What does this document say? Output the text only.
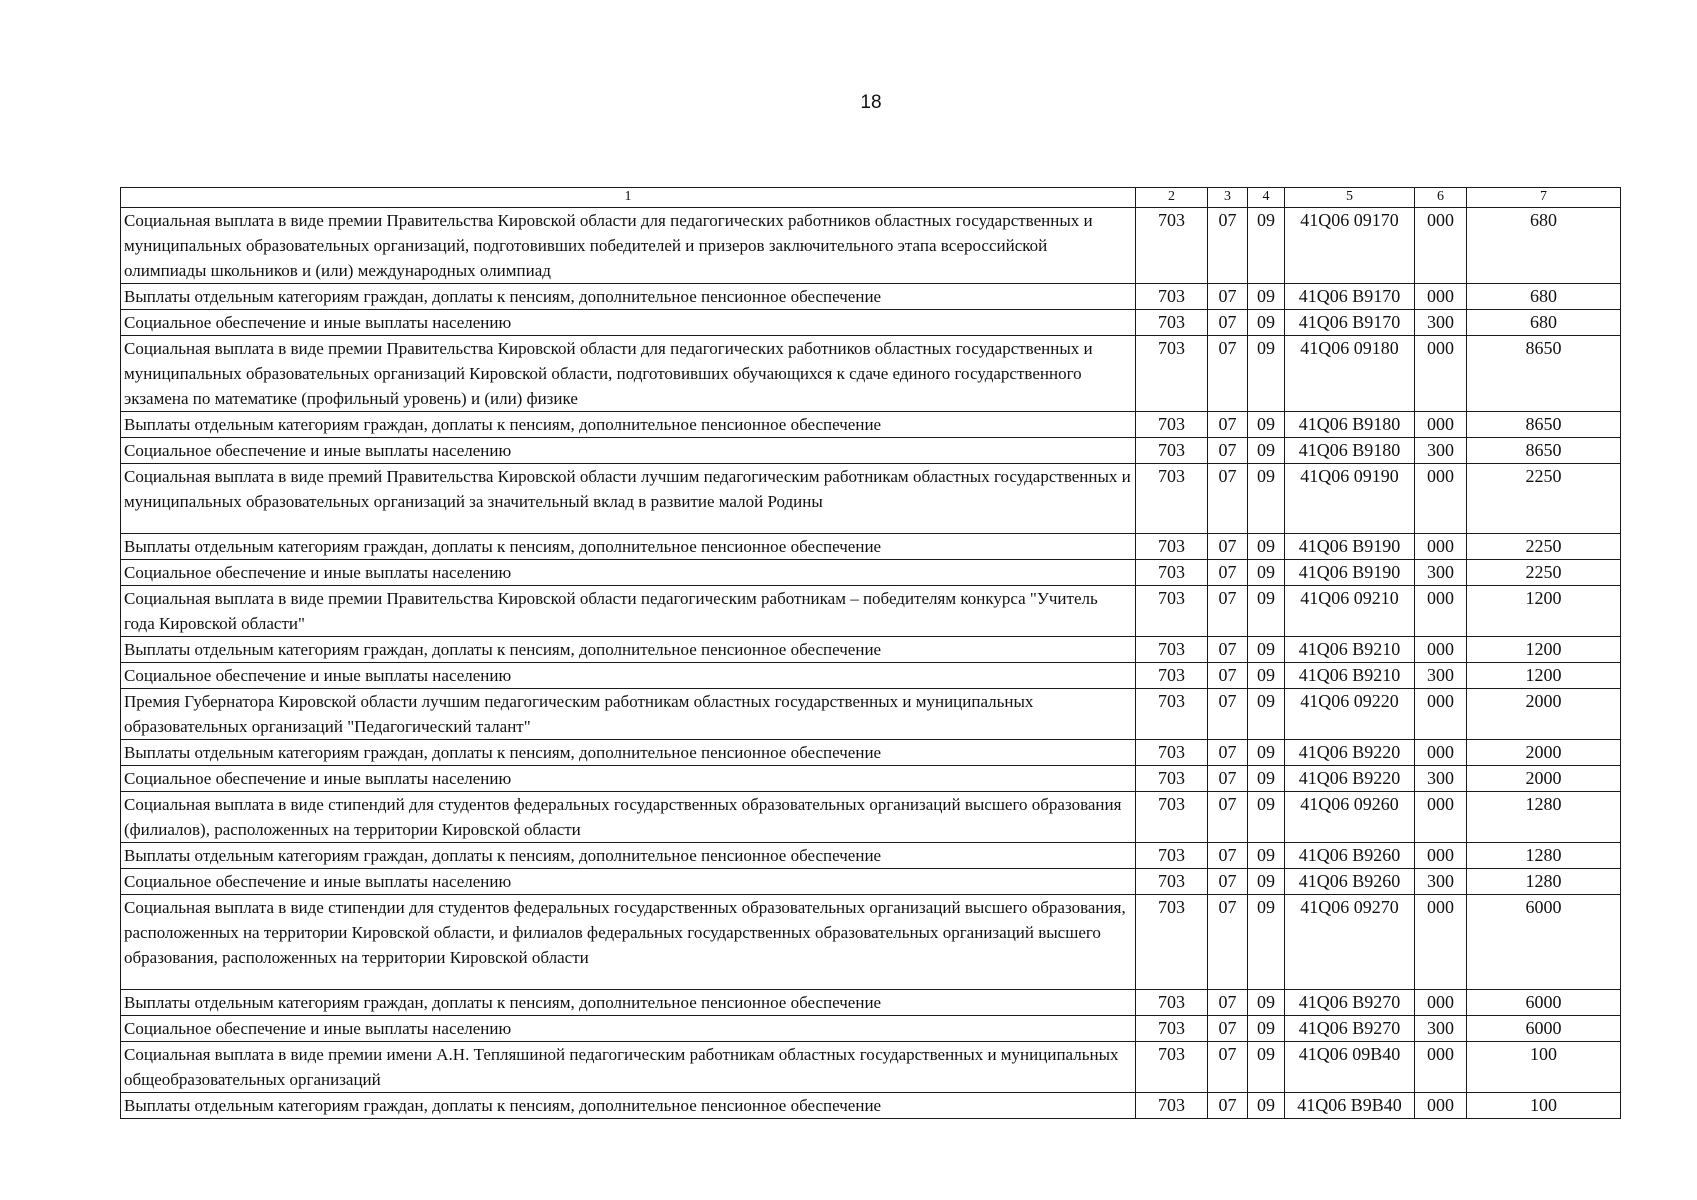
18
1	2	3	4	5	6	7
Социальная выплата в виде премии Правительства Кировской области для педагогических работников областных государственных и муниципальных образовательных организаций, подготовивших победителей и призеров заключительного этапа всероссийской олимпиады школьников и (или) международных олимпиад	703	07	09	41Q06 09170	000	680
Выплаты отдельным категориям граждан, доплаты к пенсиям, дополнительное пенсионное обеспечение	703	07	09	41Q06 B9170	000	680
Социальное обеспечение и иные выплаты населению	703	07	09	41Q06 B9170	300	680
Социальная выплата в виде премии Правительства Кировской области для педагогических работников областных государственных и муниципальных образовательных организаций Кировской области, подготовивших обучающихся к сдаче единого государственного экзамена по математике (профильный уровень) и (или) физике	703	07	09	41Q06 09180	000	8650
Выплаты отдельным категориям граждан, доплаты к пенсиям, дополнительное пенсионное обеспечение	703	07	09	41Q06 B9180	000	8650
Социальное обеспечение и иные выплаты населению	703	07	09	41Q06 B9180	300	8650
Социальная выплата в виде премий Правительства Кировской области лучшим педагогическим работникам областных государственных и муниципальных образовательных организаций за значительный вклад в развитие малой Родины	703	07	09	41Q06 09190	000	2250
Выплаты отдельным категориям граждан, доплаты к пенсиям, дополнительное пенсионное обеспечение	703	07	09	41Q06 B9190	000	2250
Социальное обеспечение и иные выплаты населению	703	07	09	41Q06 B9190	300	2250
Социальная выплата в виде премии Правительства Кировской области педагогическим работникам – победителям конкурса "Учитель года Кировской области"	703	07	09	41Q06 09210	000	1200
Выплаты отдельным категориям граждан, доплаты к пенсиям, дополнительное пенсионное обеспечение	703	07	09	41Q06 B9210	000	1200
Социальное обеспечение и иные выплаты населению	703	07	09	41Q06 B9210	300	1200
Премия Губернатора Кировской области лучшим педагогическим работникам областных государственных и муниципальных образовательных организаций "Педагогический талант"	703	07	09	41Q06 09220	000	2000
Выплаты отдельным категориям граждан, доплаты к пенсиям, дополнительное пенсионное обеспечение	703	07	09	41Q06 B9220	000	2000
Социальное обеспечение и иные выплаты населению	703	07	09	41Q06 B9220	300	2000
Социальная выплата в виде стипендий для студентов федеральных государственных образовательных организаций высшего образования (филиалов), расположенных на территории Кировской области	703	07	09	41Q06 09260	000	1280
Выплаты отдельным категориям граждан, доплаты к пенсиям, дополнительное пенсионное обеспечение	703	07	09	41Q06 B9260	000	1280
Социальное обеспечение и иные выплаты населению	703	07	09	41Q06 B9260	300	1280
Социальная выплата в виде стипендии для студентов федеральных государственных образовательных организаций высшего образования, расположенных на территории Кировской области, и филиалов федеральных государственных образовательных организаций высшего образования, расположенных на территории Кировской области	703	07	09	41Q06 09270	000	6000
Выплаты отдельным категориям граждан, доплаты к пенсиям, дополнительное пенсионное обеспечение	703	07	09	41Q06 B9270	000	6000
Социальное обеспечение и иные выплаты населению	703	07	09	41Q06 B9270	300	6000
Социальная выплата в виде премии имени А.Н. Тепляшиной педагогическим работникам областных государственных и муниципальных общеобразовательных организаций	703	07	09	41Q06 09B40	000	100
Выплаты отдельным категориям граждан, доплаты к пенсиям, дополнительное пенсионное обеспечение	703	07	09	41Q06 B9B40	000	100
